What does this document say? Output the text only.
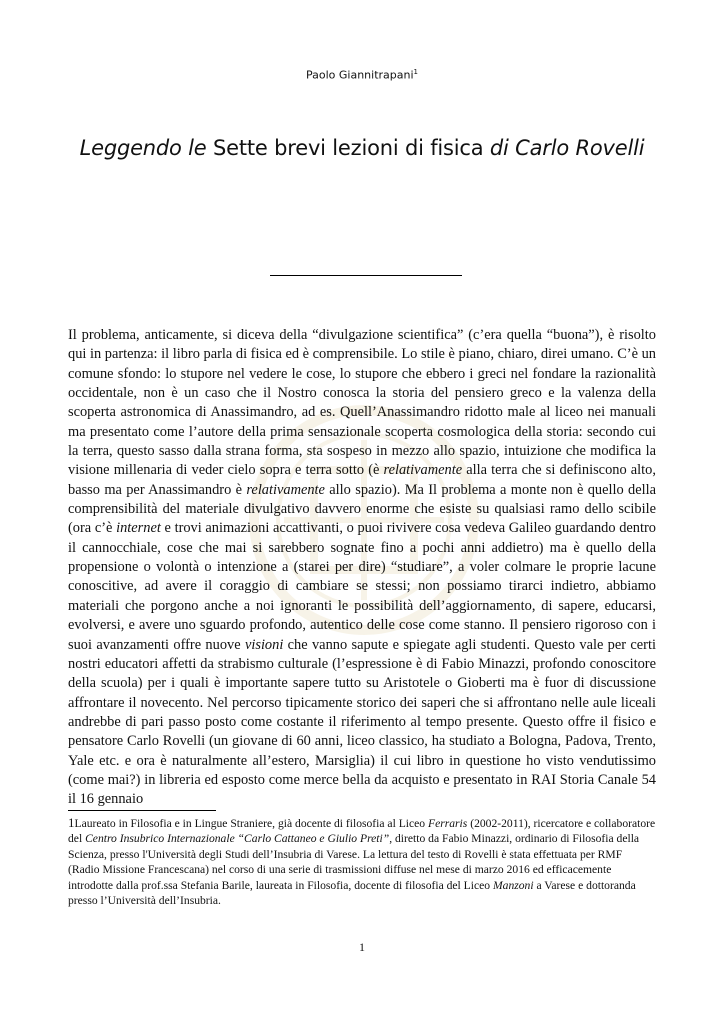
Paolo Giannitrapani$^1$
Leggendo le Sette brevi lezioni di fisica di Carlo Rovelli

Il problema, anticamente, si diceva della “divulgazione scientifica” (c’era quella “buona”), è risolto qui in partenza: il libro parla di fisica ed è comprensibile. Lo stile è piano, chiaro, direi umano. C’è un comune sfondo: lo stupore nel vedere le cose, lo stupore che ebbero i greci nel fondare la razionalità occidentale, non è un caso che il Nostro conosca la storia del pensiero greco e la valenza della scoperta astronomica di Anassimandro, ad es. Quell’Anassimandro ridotto male al liceo nei manuali ma presentato come l’autore della prima sensazionale scoperta cosmologica della storia: secondo cui la terra, questo sasso dalla strana forma, sta sospeso in mezzo allo spazio, intuizione che modifica la visione millenaria di veder cielo sopra e terra sotto (è relativamente alla terra che si definiscono alto, basso ma per Anassimandro è relativamente allo spazio). Ma Il problema a monte non è quello della comprensibilità del materiale divulgativo davvero enorme che esiste su qualsiasi ramo dello scibile (ora c’è internet e trovi animazioni accattivanti, o puoi rivivere cosa vedeva Galileo guardando dentro il cannocchiale, cose che mai si sarebbero sognate fino a pochi anni addietro) ma è quello della propensione o volontà o intenzione a (starei per dire) “studiare”, a voler colmare le proprie lacune conoscitive, ad avere il coraggio di cambiare se stessi; non possiamo tirarci indietro, abbiamo materiali che porgono anche a noi ignoranti le possibilità dell’aggiornamento, di sapere, educarsi, evolversi, e avere uno sguardo profondo, autentico delle cose come stanno. Il pensiero rigoroso con i suoi avanzamenti offre nuove visioni che vanno sapute e spiegate agli studenti. Questo vale per certi nostri educatori affetti da strabismo culturale (l’espressione è di Fabio Minazzi, profondo conoscitore della scuola) per i quali è importante sapere tutto su Aristotele o Gioberti ma è fuor di discussione affrontare il novecento. Nel percorso tipicamente storico dei saperi che si affrontano nelle aule liceali andrebbe di pari passo posto come costante il riferimento al tempo presente. Questo offre il fisico e pensatore Carlo Rovelli (un giovane di 60 anni, liceo classico, ha studiato a Bologna, Padova, Trento, Yale etc. e ora è naturalmente all’estero, Marsiglia) il cui libro in questione ho visto vendutissimo (come mai?) in libreria ed esposto come merce bella da acquisto e presentato in RAI Storia Canale 54 il 16 gennaio

1Laureato in Filosofia e in Lingue Straniere, già docente di filosofia al Liceo Ferraris (2002-2011), ricercatore e collaboratore del Centro Insubrico Internazionale “Carlo Cattaneo e Giulio Preti”, diretto da Fabio Minazzi, ordinario di Filosofia della Scienza, presso l'Università degli Studi dell’Insubria di Varese. La lettura del testo di Rovelli è stata effettuata per RMF (Radio Missione Francescana) nel corso di una serie di trasmissioni diffuse nel mese di marzo 2016 ed efficacemente introdotte dalla prof.ssa Stefania Barile, laureata in Filosofia, docente di filosofia del Liceo Manzoni a Varese e dottoranda presso l’Università dell’Insubria.

1
